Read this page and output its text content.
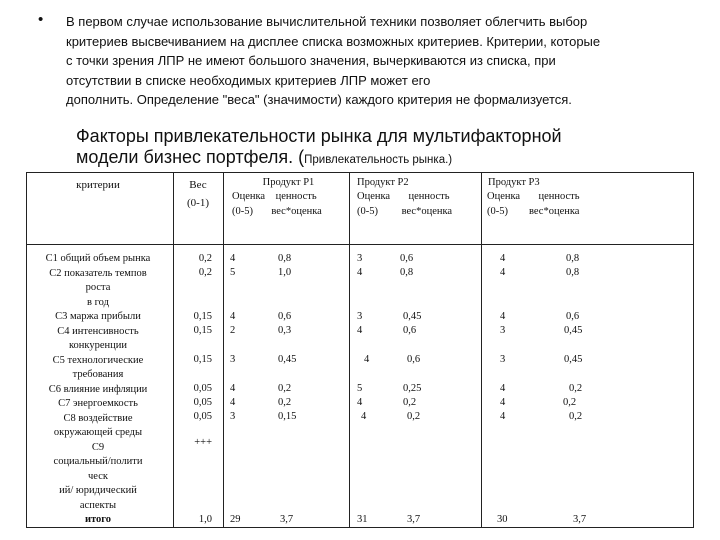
• В первом случае использование вычислительной техники позволяет облегчить выбор
критериев высвечиванием на дисплее списка возможных критериев. Критерии, которые
с точки зрения ЛПР не имеют большого значения, вычеркиваются из списка, при
отсутствии в списке необходимых критериев ЛПР может его
дополнить. Определение "веса" (значимости) каждого критерия не формализуется.
Факторы привлекательности рынка для мультифакторной
модели бизнес портфеля. (Привлекательность рынка.)
критерии	Вес
(0-1)
Продукт Р1
Оценка    ценность
(0-5)       вес*оценка
Продукт Р2
Оценка       ценность
(0-5)         вес*оценка
Продукт Р3
Оценка       ценность
(0-5)        вес*оценка
С1 общий объем рынка
С2 показатель темпов
роста
в год
С3 маржа прибыли
С4 интенсивность
конкуренции
С5 технологические
требования
С6 влияние инфляции
С7 энергоемкость
С8 воздействие
окружающей среды
С9
социальный/полити
ческ
ий/ юридический
аспекты
итого
0,2
0,2
0,15
0,15
0,15
0,05
0,05
0,05
+++
1,0
4
5
4
2
3
4
4
3
29
0,8
1,0
0,6
0,3
0,45
0,2
0,2
0,15
3,7
3
4
3
4
4
5
4
4
31
0,6
0,8
0,45
0,6
0,6
0,25
0,2
0,2
3,7
4
4
4
3
3
4
4
4
30
0,8
0,8
0,6
0,45
0,45
0,2
0,2
0,2
3,7
